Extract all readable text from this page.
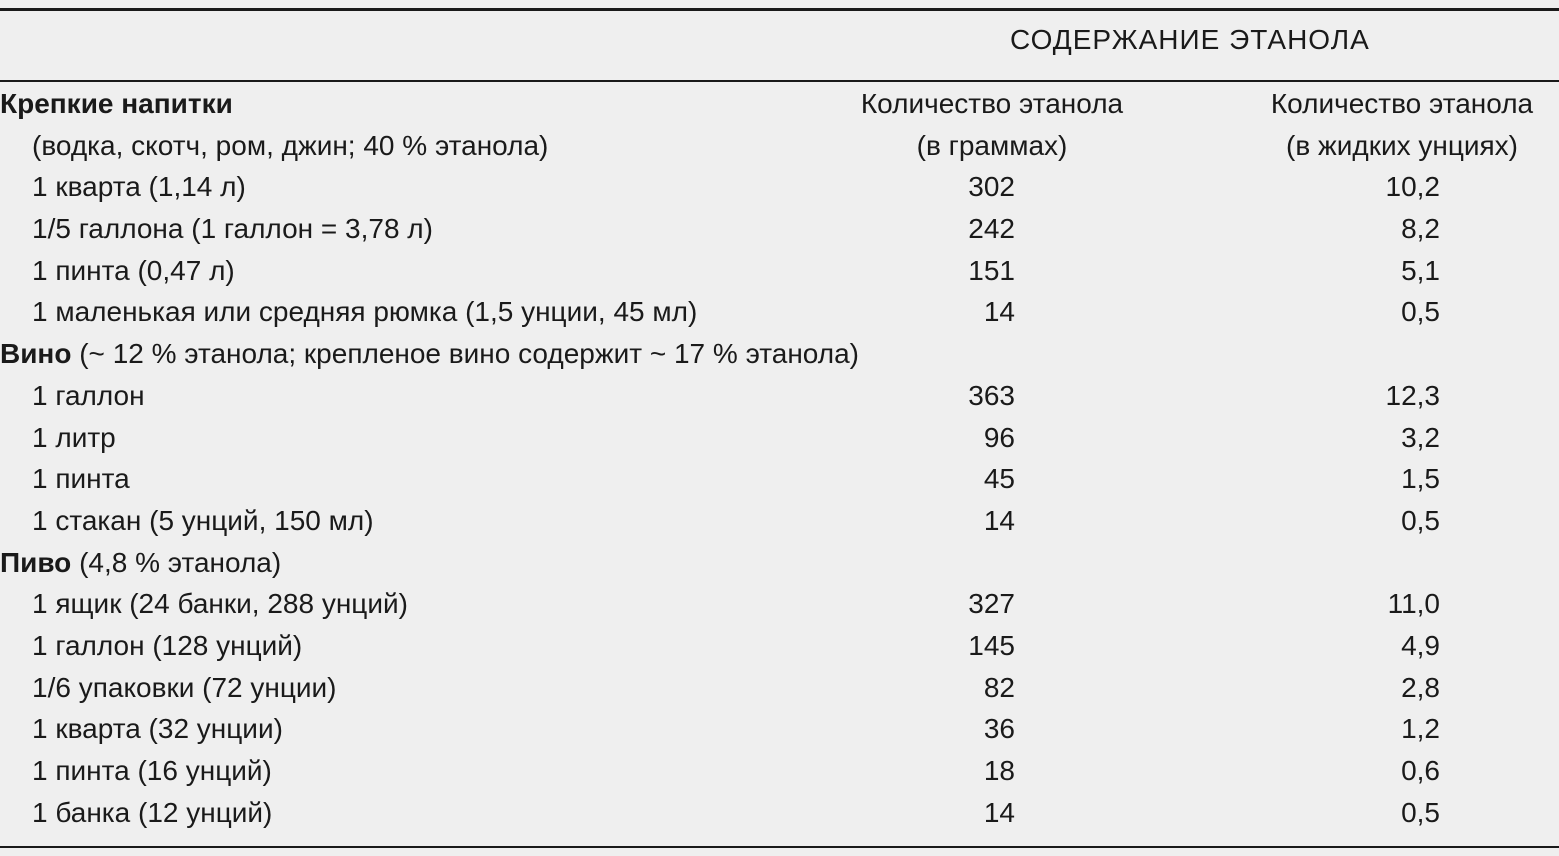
СОДЕРЖАНИЕ ЭТАНОЛА
Крепкие напитки	Количество этанола	Количество этанола
(водка, скотч, ром, джин; 40 % этанола)	(в граммах)	(в жидких унциях)
1 кварта (1,14 л)	302	10,2
1/5 галлона (1 галлон = 3,78 л)	242	8,2
1 пинта (0,47 л)	151	5,1
1 маленькая или средняя рюмка (1,5 унции, 45 мл)	14	0,5
Вино (~ 12 % этанола; крепленое вино содержит ~ 17 % этанола)
1 галлон	363	12,3
1 литр	96	3,2
1 пинта	45	1,5
1 стакан (5 унций, 150 мл)	14	0,5
Пиво (4,8 % этанола)
1 ящик (24 банки, 288 унций)	327	11,0
1 галлон (128 унций)	145	4,9
1/6 упаковки (72 унции)	82	2,8
1 кварта (32 унции)	36	1,2
1 пинта (16 унций)	18	0,6
1 банка (12 унций)	14	0,5
